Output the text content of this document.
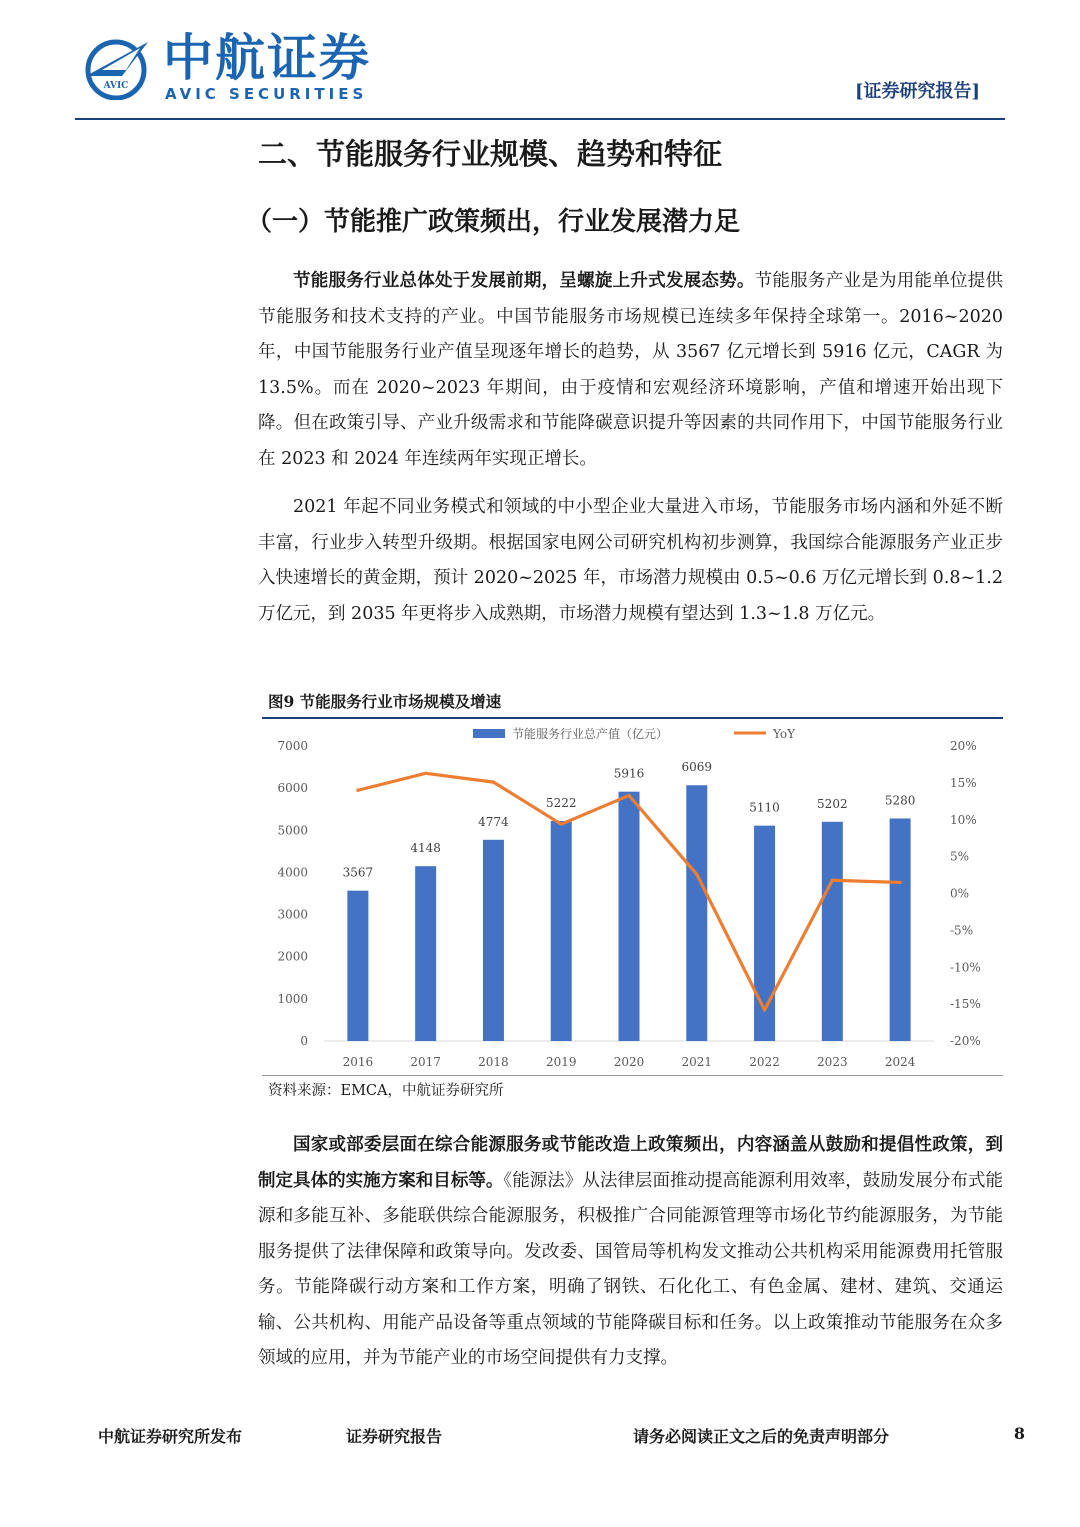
AVIC 中航证券
AVIC SECURITIES	[证券研究报告]
二、节能服务行业规模、趋势和特征
（一）节能推广政策频出，行业发展潜力足

节能服务行业总体处于发展前期，呈螺旋上升式发展态势。节能服务产业是为用能单位提供节能服务和技术支持的产业。中国节能服务市场规模已连续多年保持全球第一。2016~2020 年，中国节能服务行业产值呈现逐年增长的趋势，从 3567 亿元增长到 5916 亿元，CAGR 为 13.5%。而在 2020~2023 年期间，由于疫情和宏观经济环境影响，产值和增速开始出现下降。但在政策引导、产业升级需求和节能降碳意识提升等因素的共同作用下，中国节能服务行业在 2023 和 2024 年连续两年实现正增长。

2021 年起不同业务模式和领域的中小型企业大量进入市场，节能服务市场内涵和外延不断丰富，行业步入转型升级期。根据国家电网公司研究机构初步测算，我国综合能源服务产业正步入快速增长的黄金期，预计 2020~2025 年，市场潜力规模由 0.5~0.6 万亿元增长到 0.8~1.2 万亿元，到 2035 年更将步入成熟期，市场潜力规模有望达到 1.3~1.8 万亿元。

图9 节能服务行业市场规模及增速
0
1000
2000
3000
4000
5000
6000
7000
-20%
-15%
-10%
-5%
0%
5%
10%
15%
20%
3567
4148
4774
5222
5916	6069
5110	5202	5280
2016	2017	2018	2019	2020	2021	2022	2023	2024
节能服务行业总产值（亿元）	YoY
资料来源：EMCA，中航证券研究所

国家或部委层面在综合能源服务或节能改造上政策频出，内容涵盖从鼓励和提倡性政策，到制定具体的实施方案和目标等。《能源法》从法律层面推动提高能源利用效率，鼓励发展分布式能源和多能互补、多能联供综合能源服务，积极推广合同能源管理等市场化节约能源服务，为节能服务提供了法律保障和政策导向。发改委、国管局等机构发文推动公共机构采用能源费用托管服务。节能降碳行动方案和工作方案，明确了钢铁、石化化工、有色金属、建材、建筑、交通运输、公共机构、用能产品设备等重点领域的节能降碳目标和任务。以上政策推动节能服务在众多领域的应用，并为节能产业的市场空间提供有力支撑。

中航证券研究所发布	证券研究报告	请务必阅读正文之后的免责声明部分	8
